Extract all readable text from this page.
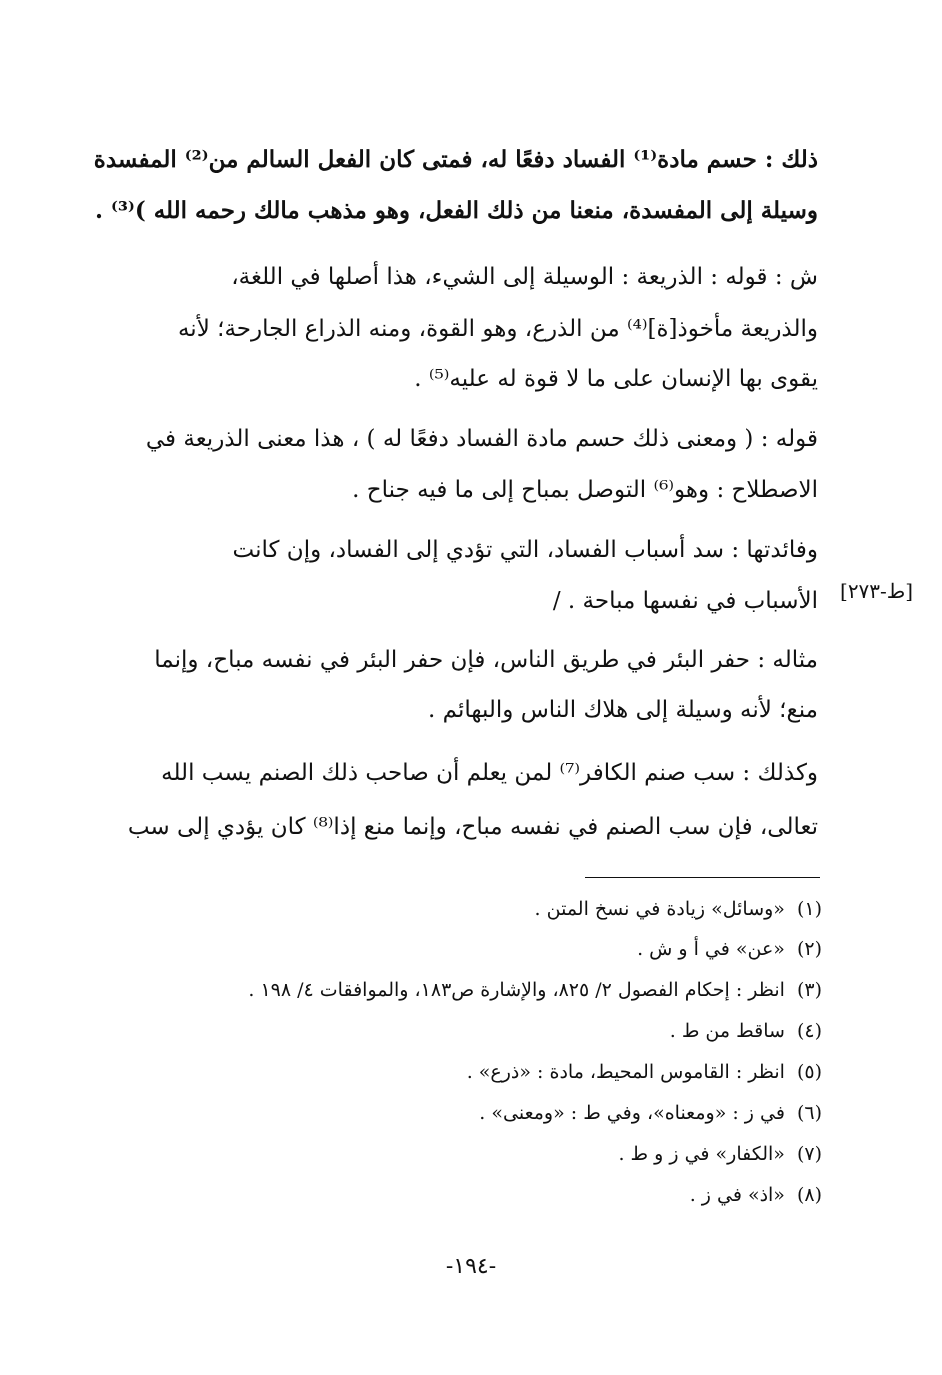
ذلك : حسم مادة⁽¹⁾ الفساد دفعًا له، فمتى كان الفعل السالم من⁽²⁾ المفسدة
وسيلة إلى المفسدة، منعنا من ذلك الفعل، وهو مذهب مالك رحمه الله )⁽³⁾ .
ش : قوله : الذريعة : الوسيلة إلى الشيء، هذا أصلها في اللغة،
والذريعة مأخوذ[ة]⁽⁴⁾ من الذرع، وهو القوة، ومنه الذراع الجارحة؛ لأنه
يقوى بها الإنسان على ما لا قوة له عليه⁽⁵⁾ .
قوله : ( ومعنى ذلك حسم مادة الفساد دفعًا له ) ، هذا معنى الذريعة في
الاصطلاح : وهو⁽⁶⁾ التوصل بمباح إلى ما فيه جناح .
وفائدتها : سد أسباب الفساد، التي تؤدي إلى الفساد، وإن كانت
الأسباب في نفسها مباحة . /
مثاله : حفر البئر في طريق الناس، فإن حفر البئر في نفسه مباح، وإنما
منع؛ لأنه وسيلة إلى هلاك الناس والبهائم .
وكذلك : سب صنم الكافر⁽⁷⁾ لمن يعلم أن صاحب ذلك الصنم يسب الله
تعالى، فإن سب الصنم في نفسه مباح، وإنما منع إذا⁽⁸⁾ كان يؤدي إلى سب
[ط-٢٧٣]
(١)«وسائل» زيادة في نسخ المتن .
(٢)«عن» في أ و ش .
(٣)انظر : إحكام الفصول ٢/ ٨٢٥، والإشارة ص١٨٣، والموافقات ٤/ ١٩٨ .
(٤)ساقط من ط .
(٥)انظر : القاموس المحيط، مادة : «ذرع» .
(٦)في ز : «ومعناه»، وفي ط : «ومعنى» .
(٧)«الكفار» في ز و ط .
(٨)«اذ» في ز .
-١٩٤-
